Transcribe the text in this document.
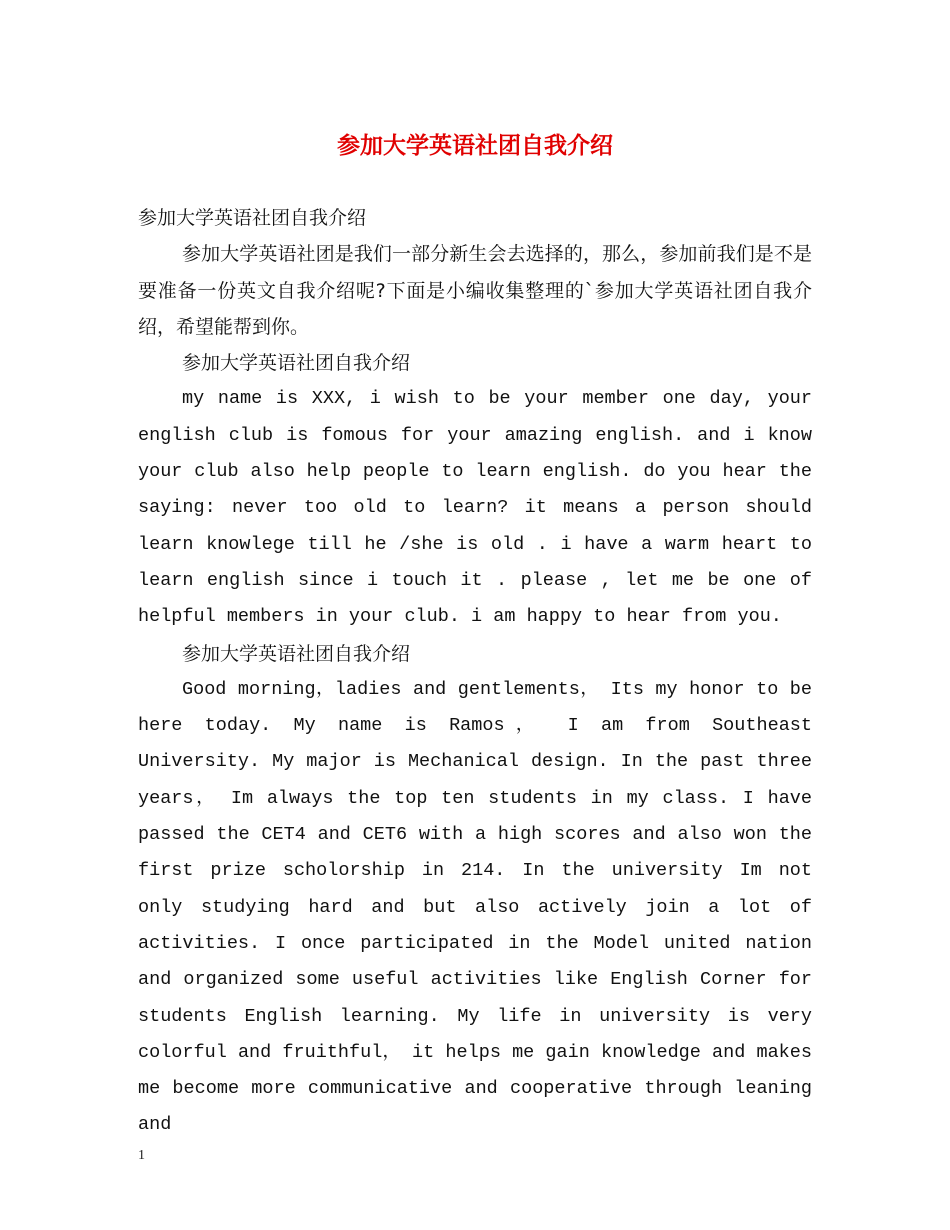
参加大学英语社团自我介绍

参加大学英语社团自我介绍

参加大学英语社团是我们一部分新生会去选择的，那么，参加前我们是不是要准备一份英文自我介绍呢?下面是小编收集整理的`参加大学英语社团自我介绍，希望能帮到你。

参加大学英语社团自我介绍

my name is XXX, i wish to be your member one day, your english club is fomous for your amazing english. and i know your club also help people to learn english. do you hear the saying: never too old to learn? it means a person should learn knowlege till he /she is old . i have a warm heart to learn english since i touch it . please , let me be one of helpful members in your club. i am happy to hear from you.

参加大学英语社团自我介绍

Good morning，ladies and gentlements， Its my honor to be here today. My name is Ramos， I am from Southeast University. My major is Mechanical design. In the past three years， Im always the top ten students in my class. I have passed the CET4 and CET6 with a high scores and also won the first prize scholorship in 214. In the university Im not only studying hard and but also actively join a lot of activities. I once participated in the Model united nation and organized some useful activities like English Corner for students English learning. My life in university is very colorful and fruithful， it helps me gain knowledge and makes me become more communicative and cooperative through leaning and

1
